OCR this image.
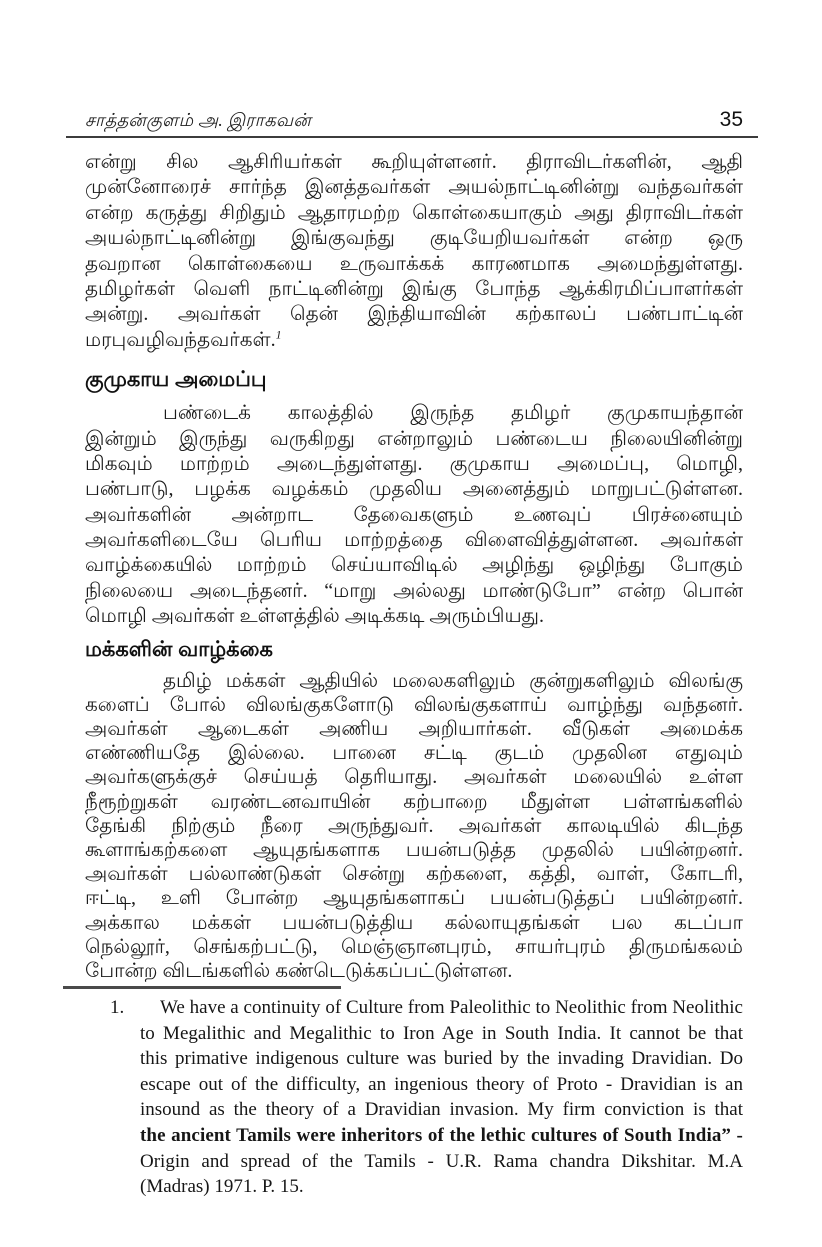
சாத்தன்குளம் அ. இராகவன்	35
என்று சில ஆசிரியர்கள் கூறியுள்ளனர். திராவிடர்களின், ஆதி
முன்னோரைச் சார்ந்த இனத்தவர்கள் அயல்நாட்டினின்று வந்தவர்கள்
என்ற கருத்து சிறிதும் ஆதாரமற்ற கொள்கையாகும் அது திராவிடர்கள்
அயல்நாட்டினின்று இங்குவந்து குடியேறியவர்கள் என்ற ஒரு
தவறான கொள்கையை உருவாக்கக் காரணமாக அமைந்துள்ளது.
தமிழர்கள் வெளி நாட்டினின்று இங்கு போந்த ஆக்கிரமிப்பாளர்கள்
அன்று. அவர்கள் தென் இந்தியாவின் கற்காலப் பண்பாட்டின்
மரபுவழிவந்தவர்கள்.$^1$
குமுகாய அமைப்பு
பண்டைக் காலத்தில் இருந்த தமிழர் குமுகாயந்தான்
இன்றும் இருந்து வருகிறது என்றாலும் பண்டைய நிலையினின்று
மிகவும் மாற்றம் அடைந்துள்ளது. குமுகாய அமைப்பு, மொழி,
பண்பாடு, பழக்க வழக்கம் முதலிய அனைத்தும் மாறுபட்டுள்ளன.
அவர்களின் அன்றாட தேவைகளும் உணவுப் பிரச்னையும்
அவர்களிடையே பெரிய மாற்றத்தை விளைவித்துள்ளன. அவர்கள்
வாழ்க்கையில் மாற்றம் செய்யாவிடில் அழிந்து ஒழிந்து போகும்
நிலையை அடைந்தனர். “மாறு அல்லது மாண்டுபோ” என்ற பொன்
மொழி அவர்கள் உள்ளத்தில் அடிக்கடி அரும்பியது.
மக்களின் வாழ்க்கை
தமிழ் மக்கள் ஆதியில் மலைகளிலும் குன்றுகளிலும் விலங்கு
களைப் போல் விலங்குகளோடு விலங்குகளாய் வாழ்ந்து வந்தனர்.
அவர்கள் ஆடைகள் அணிய அறியார்கள். வீடுகள் அமைக்க
எண்ணியதே இல்லை. பானை சட்டி குடம் முதலின எதுவும்
அவர்களுக்குச் செய்யத் தெரியாது. அவர்கள் மலையில் உள்ள
நீரூற்றுகள் வரண்டனவாயின் கற்பாறை மீதுள்ள பள்ளங்களில்
தேங்கி நிற்கும் நீரை அருந்துவர். அவர்கள் காலடியில் கிடந்த
கூளாங்கற்களை ஆயுதங்களாக பயன்படுத்த முதலில் பயின்றனர்.
அவர்கள் பல்லாண்டுகள் சென்று கற்களை, கத்தி, வாள், கோடரி,
ஈட்டி, உளி போன்ற ஆயுதங்களாகப் பயன்படுத்தப் பயின்றனர்.
அக்கால மக்கள் பயன்படுத்திய கல்லாயுதங்கள் பல கடப்பா
நெல்லூர், செங்கற்பட்டு, மெஞ்ஞானபுரம், சாயர்புரம் திருமங்கலம்
போன்ற விடங்களில் கண்டெடுக்கப்பட்டுள்ளன.
1.	We have a continuity of Culture from Paleolithic to Neolithic from Neolithic
to Megalithic and Megalithic to Iron Age in South India. It cannot be that
this primative indigenous culture was buried by the invading Dravidian. Do
escape out of the difficulty, an ingenious theory of Proto - Dravidian is an
insound as the theory of a Dravidian invasion. My firm conviction is that
the ancient Tamils were inheritors of the lethic cultures of South India” -
Origin and spread of the Tamils - U.R. Rama chandra Dikshitar. M.A
(Madras) 1971. P. 15.
